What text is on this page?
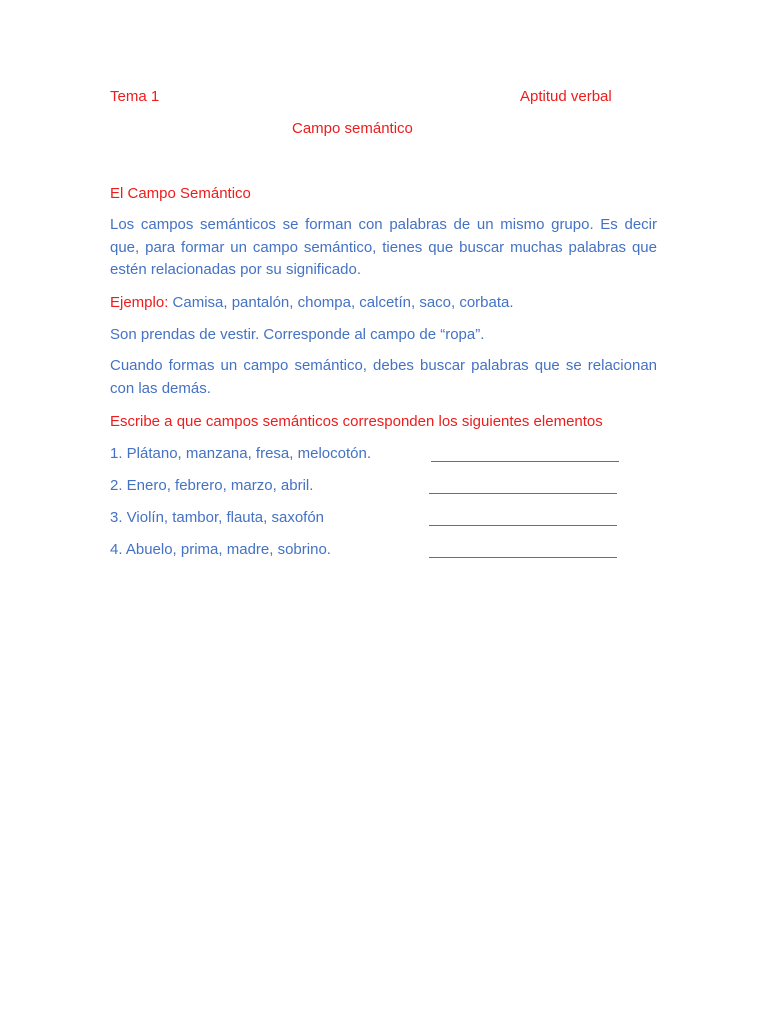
Tema 1	Aptitud verbal
Campo semántico
El Campo Semántico
Los campos semánticos se forman con palabras de un mismo grupo. Es decir que, para formar un campo semántico, tienes que buscar muchas palabras que estén relacionadas por su significado.
Ejemplo: Camisa, pantalón, chompa, calcetín, saco, corbata.
Son prendas de vestir. Corresponde al campo de “ropa”.
Cuando formas un campo semántico, debes buscar palabras que se relacionan con las demás.
Escribe a que campos semánticos corresponden los siguientes elementos
1. Plátano, manzana, fresa, melocotón.
2. Enero, febrero, marzo, abril.
3. Violín, tambor, flauta, saxofón
4. Abuelo, prima, madre, sobrino.
